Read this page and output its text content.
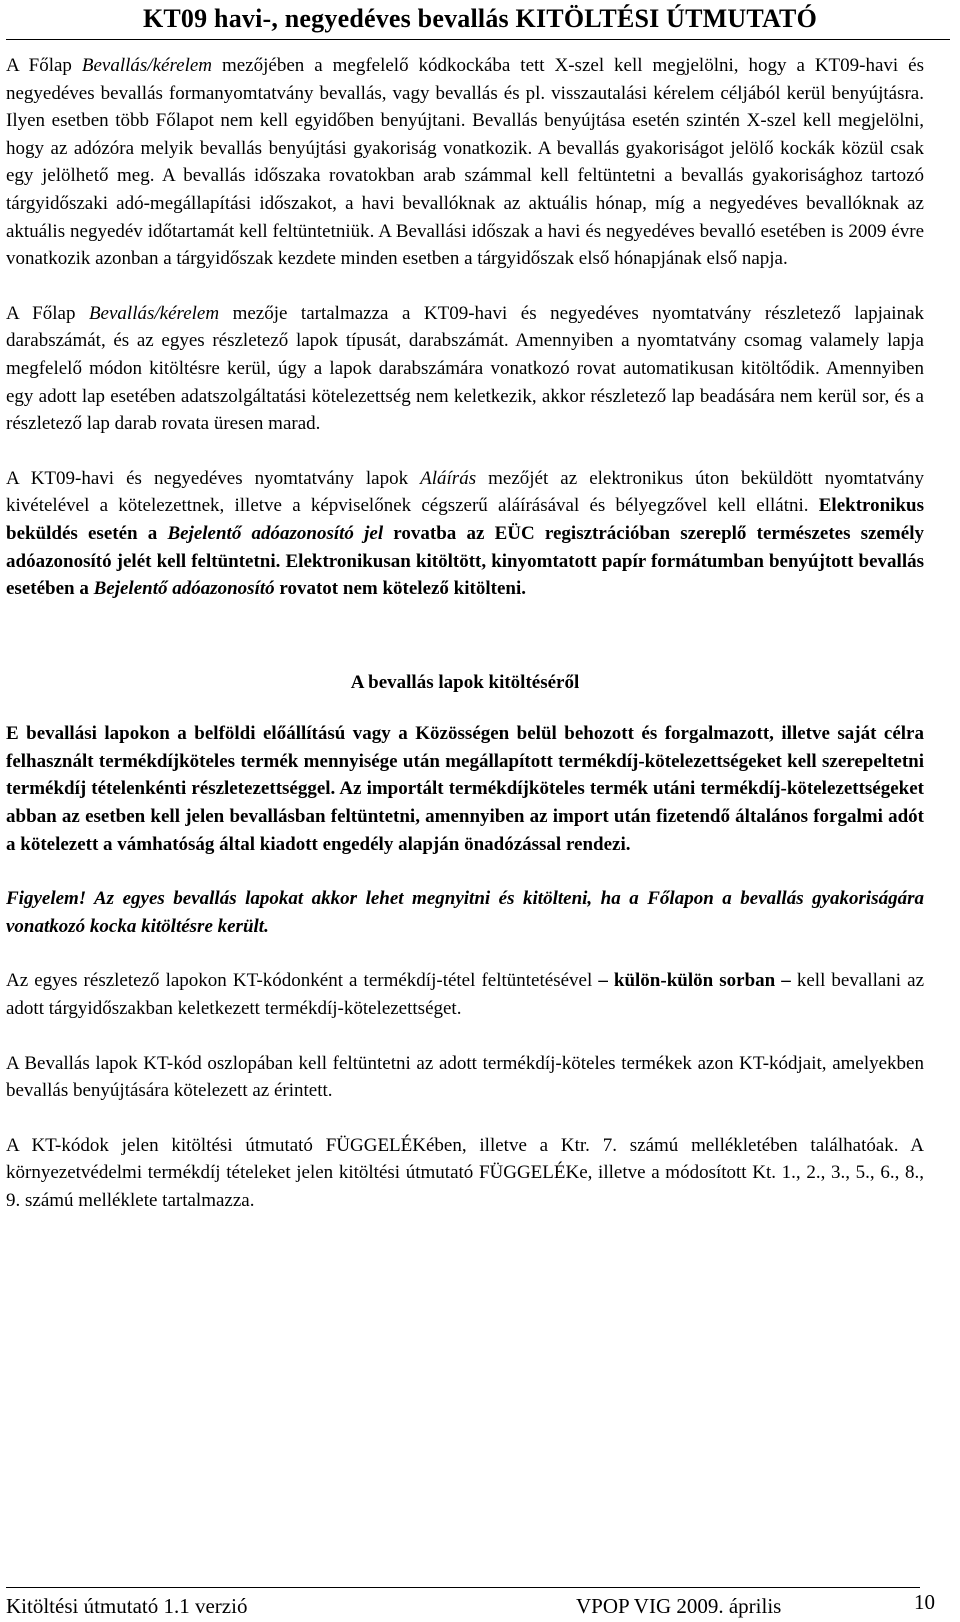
KT09 havi-, negyedéves bevallás KITÖLTÉSI ÚTMUTATÓ

A Főlap Bevallás/kérelem mezőjében a megfelelő kódkockába tett X-szel kell megjelölni, hogy a KT09-havi és negyedéves bevallás formanyomtatvány bevallás, vagy bevallás és pl. visszautalási kérelem céljából kerül benyújtásra. Ilyen esetben több Főlapot nem kell egyidőben benyújtani. Bevallás benyújtása esetén szintén X-szel kell megjelölni, hogy az adózóra melyik bevallás benyújtási gyakoriság vonatkozik. A bevallás gyakoriságot jelölő kockák közül csak egy jelölhető meg. A bevallás időszaka rovatokban arab számmal kell feltüntetni a bevallás gyakorisághoz tartozó tárgyidőszaki adó-megállapítási időszakot, a havi bevallóknak az aktuális hónap, míg a negyedéves bevallóknak az aktuális negyedév időtartamát kell feltüntetniük. A Bevallási időszak a havi és negyedéves bevalló esetében is 2009 évre vonatkozik azonban a tárgyidőszak kezdete minden esetben a tárgyidőszak első hónapjának első napja.

A Főlap Bevallás/kérelem mezője tartalmazza a KT09-havi és negyedéves nyomtatvány részletező lapjainak darabszámát, és az egyes részletező lapok típusát, darabszámát. Amennyiben a nyomtatvány csomag valamely lapja megfelelő módon kitöltésre kerül, úgy a lapok darabszámára vonatkozó rovat automatikusan kitöltődik. Amennyiben egy adott lap esetében adatszolgáltatási kötelezettség nem keletkezik, akkor részletező lap beadására nem kerül sor, és a részletező lap darab rovata üresen marad.

A KT09-havi és negyedéves nyomtatvány lapok Aláírás mezőjét az elektronikus úton beküldött nyomtatvány kivételével a kötelezettnek, illetve a képviselőnek cégszerű aláírásával és bélyegzővel kell ellátni. Elektronikus beküldés esetén a Bejelentő adóazonosító jel rovatba az EÜC regisztrációban szereplő természetes személy adóazonosító jelét kell feltüntetni. Elektronikusan kitöltött, kinyomtatott papír formátumban benyújtott bevallás esetében a Bejelentő adóazonosító rovatot nem kötelező kitölteni.

A bevallás lapok kitöltéséről

E bevallási lapokon a belföldi előállítású vagy a Közösségen belül behozott és forgalmazott, illetve saját célra felhasznált termékdíjköteles termék mennyisége után megállapított termékdíj-kötelezettségeket kell szerepeltetni termékdíj tételenkénti részletezettséggel. Az importált termékdíjköteles termék utáni termékdíj-kötelezettségeket abban az esetben kell jelen bevallásban feltüntetni, amennyiben az import után fizetendő általános forgalmi adót a kötelezett a vámhatóság által kiadott engedély alapján önadózással rendezi.

Figyelem! Az egyes bevallás lapokat akkor lehet megnyitni és kitölteni, ha a Főlapon a bevallás gyakoriságára vonatkozó kocka kitöltésre került.

Az egyes részletező lapokon KT-kódonként a termékdíj-tétel feltüntetésével – külön-külön sorban – kell bevallani az adott tárgyidőszakban keletkezett termékdíj-kötelezettséget.

A Bevallás lapok KT-kód oszlopában kell feltüntetni az adott termékdíj-köteles termékek azon KT-kódjait, amelyekben bevallás benyújtására kötelezett az érintett.

A KT-kódok jelen kitöltési útmutató FÜGGELÉKében, illetve a Ktr. 7. számú mellékletében találhatóak. A környezetvédelmi termékdíj tételeket jelen kitöltési útmutató FÜGGELÉKe, illetve a módosított Kt. 1., 2., 3., 5., 6., 8., 9. számú melléklete tartalmazza.

Kitöltési útmutató 1.1 verzió	VPOP VIG 2009. április	10
